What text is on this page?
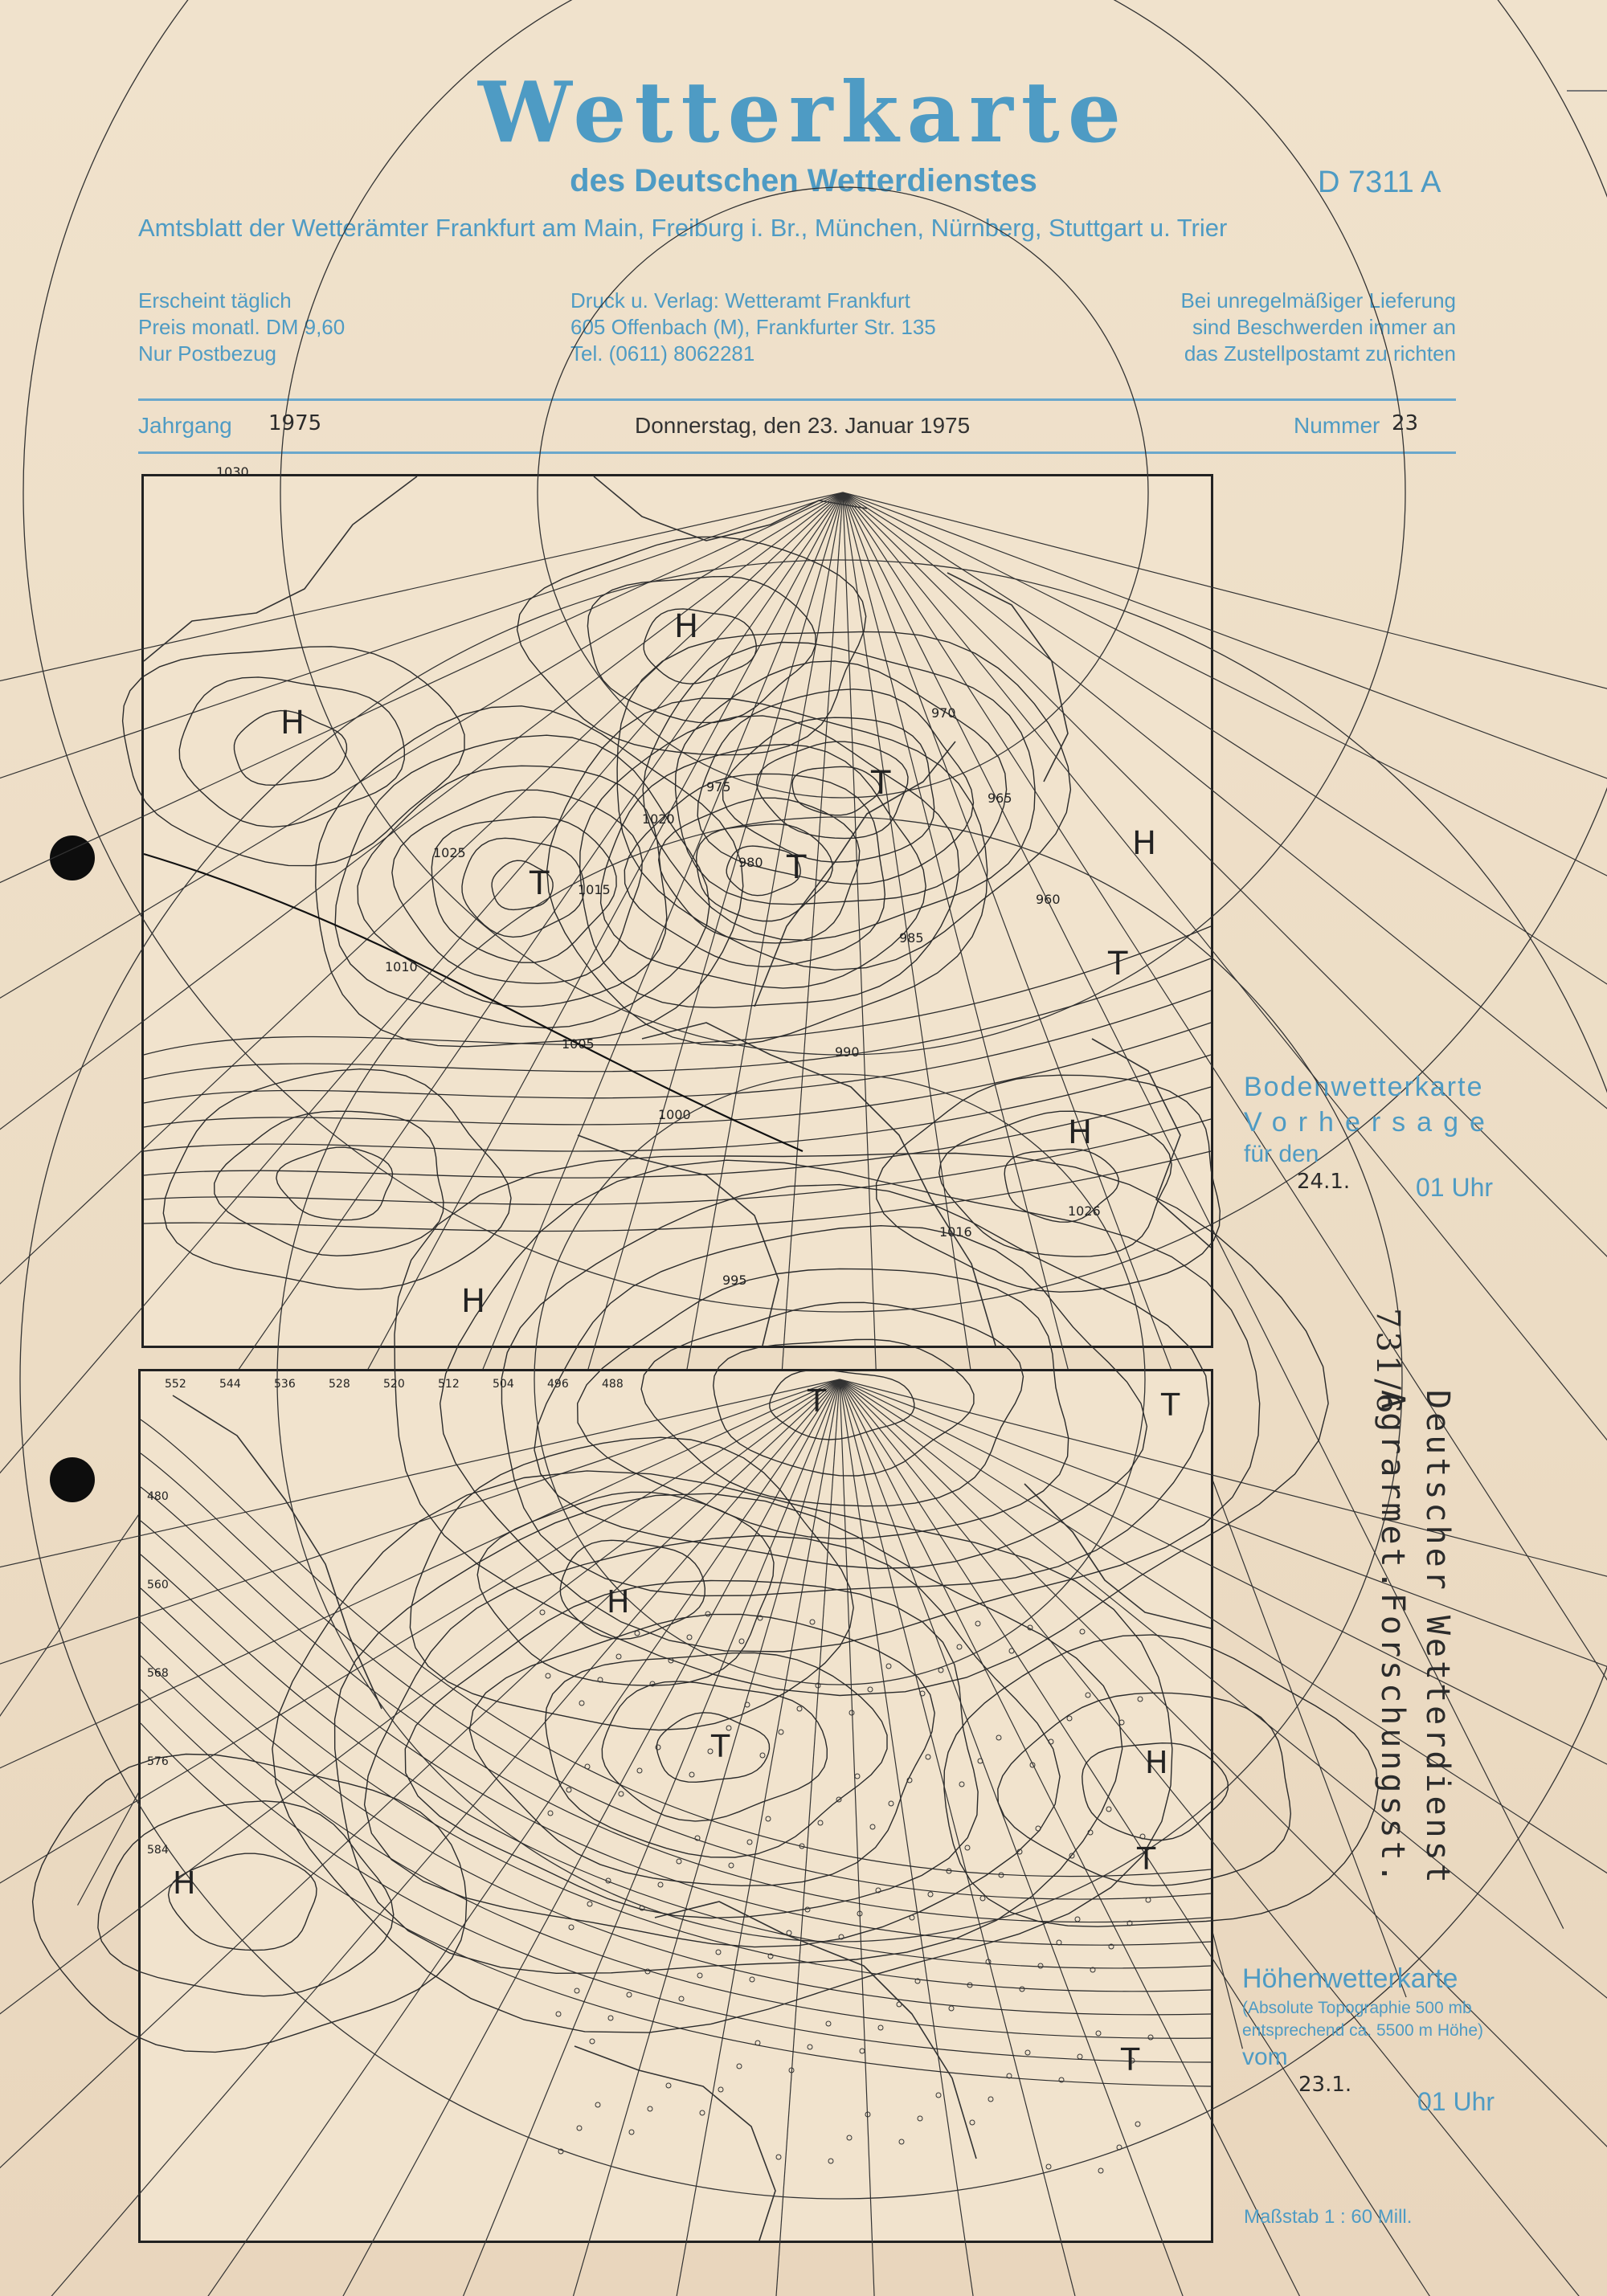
Wetterkarte
des Deutschen Wetterdienstes	D 7311 A
Amtsblatt der Wetterämter Frankfurt am Main, Freiburg i. Br., München, Nürnberg, Stuttgart u. Trier
Erscheint täglich
Preis monatl. DM 9,60
Nur Postbezug
Druck u. Verlag: Wetteramt Frankfurt
605 Offenbach (M), Frankfurter Str. 135
Tel. (0611) 8062281
Bei unregelmäßiger Lieferung
sind Beschwerden immer an
das Zustellpostamt zu richten
Jahrgang 1975	Donnerstag, den 23. Januar 1975	Nummer 23
1030
1025
1020
1015
1010
1005
1000
995
990
985
980
975
970
965
960
1026
1016
H
H
H
H
H
T	T
T
T
Bodenwetterkarte
Vorhersage
für den
24.1.	01 Uhr
552	544	536	528	520	512	504	496	488
480
560
568
576
584
H
H
H
T	T
T
T
T
Höhenwetterkarte
(Absolute Topographie 500 mb
entsprechend ca. 5500 m Höhe)
vom
23.1.
01 Uhr
Maßstab 1 : 60 Mill.
Deutscher Wetterdienst
Agrarmet.Forschungsst.
731/6
